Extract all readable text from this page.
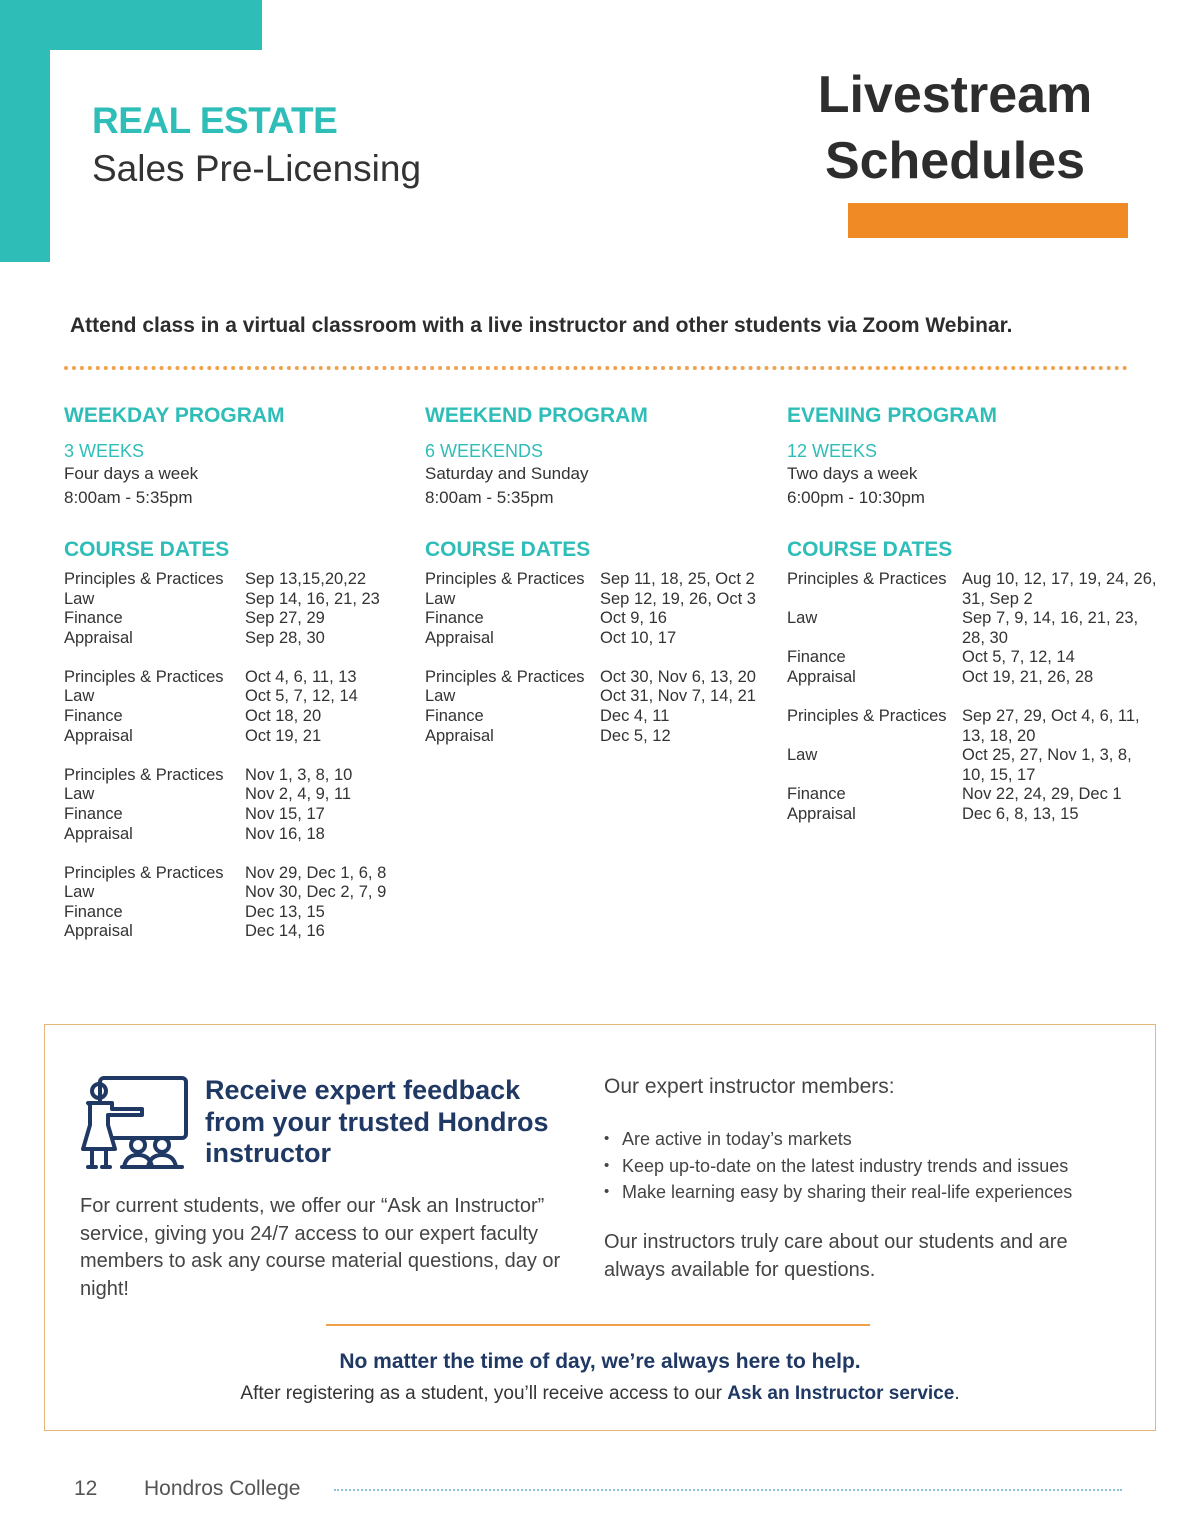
REAL ESTATE
Sales Pre-Licensing
Livestream
Schedules
Attend class in a virtual classroom with a live instructor and other students via Zoom Webinar.
WEEKDAY PROGRAM
3 WEEKS
Four days a week
8:00am - 5:35pm
COURSE DATES
Principles & Practices	Sep 13,15,20,22
Law	Sep 14, 16, 21, 23
Finance	Sep 27, 29
Appraisal	Sep 28, 30
Principles & Practices	Oct 4, 6, 11, 13
Law	Oct 5, 7, 12, 14
Finance	Oct 18, 20
Appraisal	Oct 19, 21
Principles & Practices	Nov 1, 3, 8, 10
Law	Nov 2, 4, 9, 11
Finance	Nov 15, 17
Appraisal	Nov 16, 18
Principles & Practices	Nov 29, Dec 1, 6, 8
Law	Nov 30, Dec 2, 7, 9
Finance	Dec 13, 15
Appraisal	Dec 14, 16
WEEKEND PROGRAM
6 WEEKENDS
Saturday and Sunday
8:00am - 5:35pm
COURSE DATES
Principles & Practices Sep 11, 18, 25, Oct 2
Law	Sep 12, 19, 26, Oct 3
Finance	Oct 9, 16
Appraisal	Oct 10, 17
Principles & Practices Oct 30, Nov 6, 13, 20
Law	Oct 31, Nov 7, 14, 21
Finance	Dec 4, 11
Appraisal	Dec 5, 12
EVENING PROGRAM
12 WEEKS
Two days a week
6:00pm - 10:30pm
COURSE DATES
Principles & Practices Aug 10, 12, 17, 19, 24, 26, 31, Sep 2
Law	Sep 7, 9, 14, 16, 21, 23, 28, 30
Finance	Oct 5, 7, 12, 14
Appraisal	Oct 19, 21, 26, 28
Principles & Practices Sep 27, 29, Oct 4, 6, 11, 13, 18, 20
Law	Oct 25, 27, Nov 1, 3, 8, 10, 15, 17
Finance	Nov 22, 24, 29, Dec 1
Appraisal	Dec 6, 8, 13, 15
Receive expert feedback from your trusted Hondros instructor
For current students, we offer our “Ask an Instructor” service, giving you 24/7 access to our expert faculty members to ask any course material questions, day or night!
Our expert instructor members:
• Are active in today’s markets
• Keep up-to-date on the latest industry trends and issues
• Make learning easy by sharing their real-life experiences
Our instructors truly care about our students and are always available for questions.
No matter the time of day, we’re always here to help.
After registering as a student, you’ll receive access to our Ask an Instructor service.
12 Hondros College
